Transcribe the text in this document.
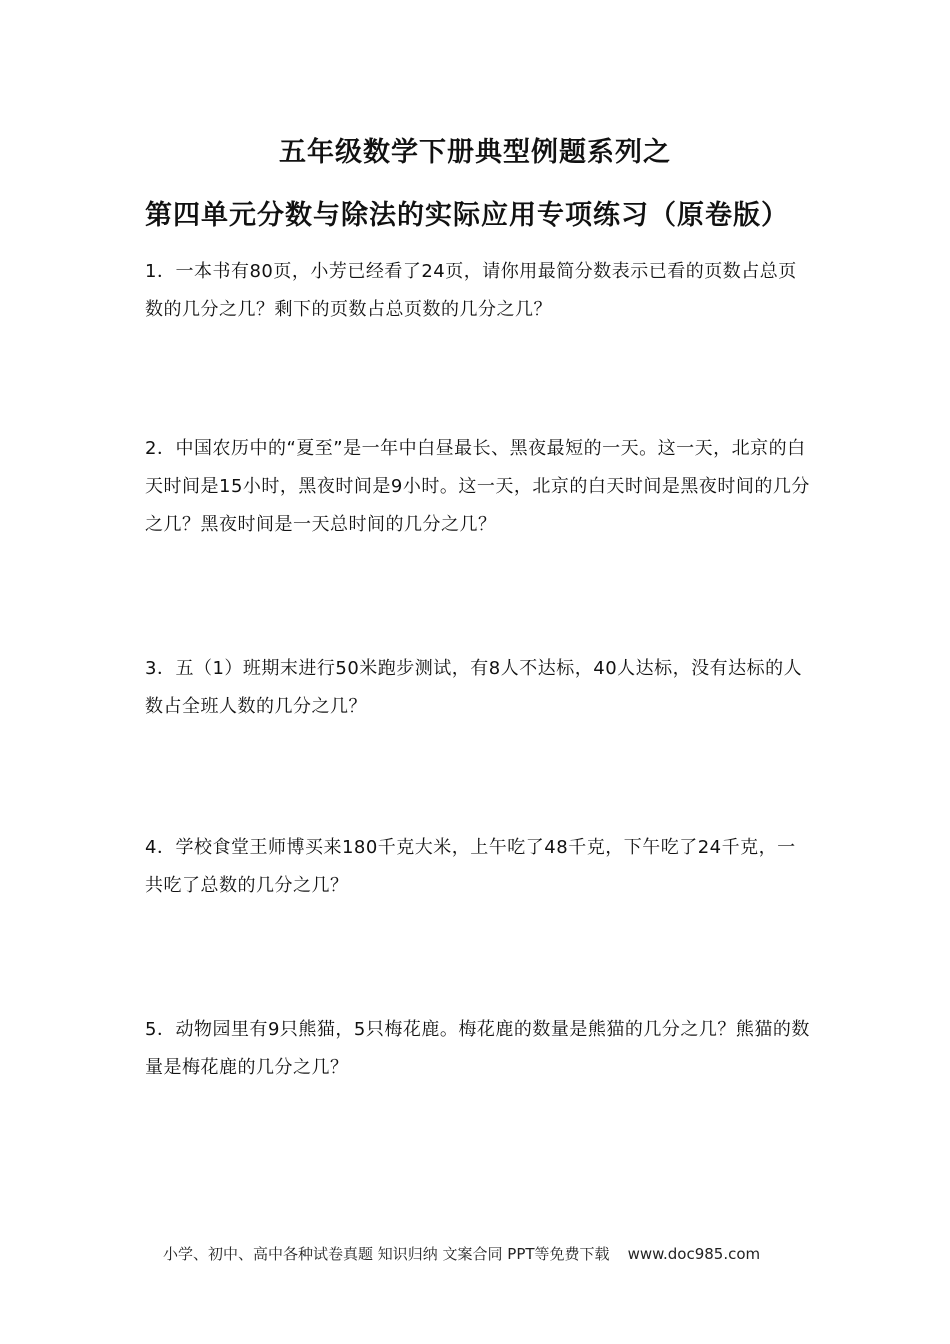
五年级数学下册典型例题系列之
第四单元分数与除法的实际应用专项练习（原卷版）
1．一本书有80页，小芳已经看了24页，请你用最简分数表示已看的页数占总页数的几分之几？剩下的页数占总页数的几分之几？
2．中国农历中的“夏至”是一年中白昼最长、黑夜最短的一天。这一天，北京的白天时间是15小时，黑夜时间是9小时。这一天，北京的白天时间是黑夜时间的几分之几？黑夜时间是一天总时间的几分之几？
3．五（1）班期末进行50米跑步测试，有8人不达标，40人达标，没有达标的人数占全班人数的几分之几？
4．学校食堂王师博买来180千克大米，上午吃了48千克，下午吃了24千克，一共吃了总数的几分之几？
5．动物园里有9只熊猫，5只梅花鹿。梅花鹿的数量是熊猫的几分之几？熊猫的数量是梅花鹿的几分之几？
小学、初中、高中各种试卷真题 知识归纳 文案合同 PPT等免费下载 www.doc985.com
